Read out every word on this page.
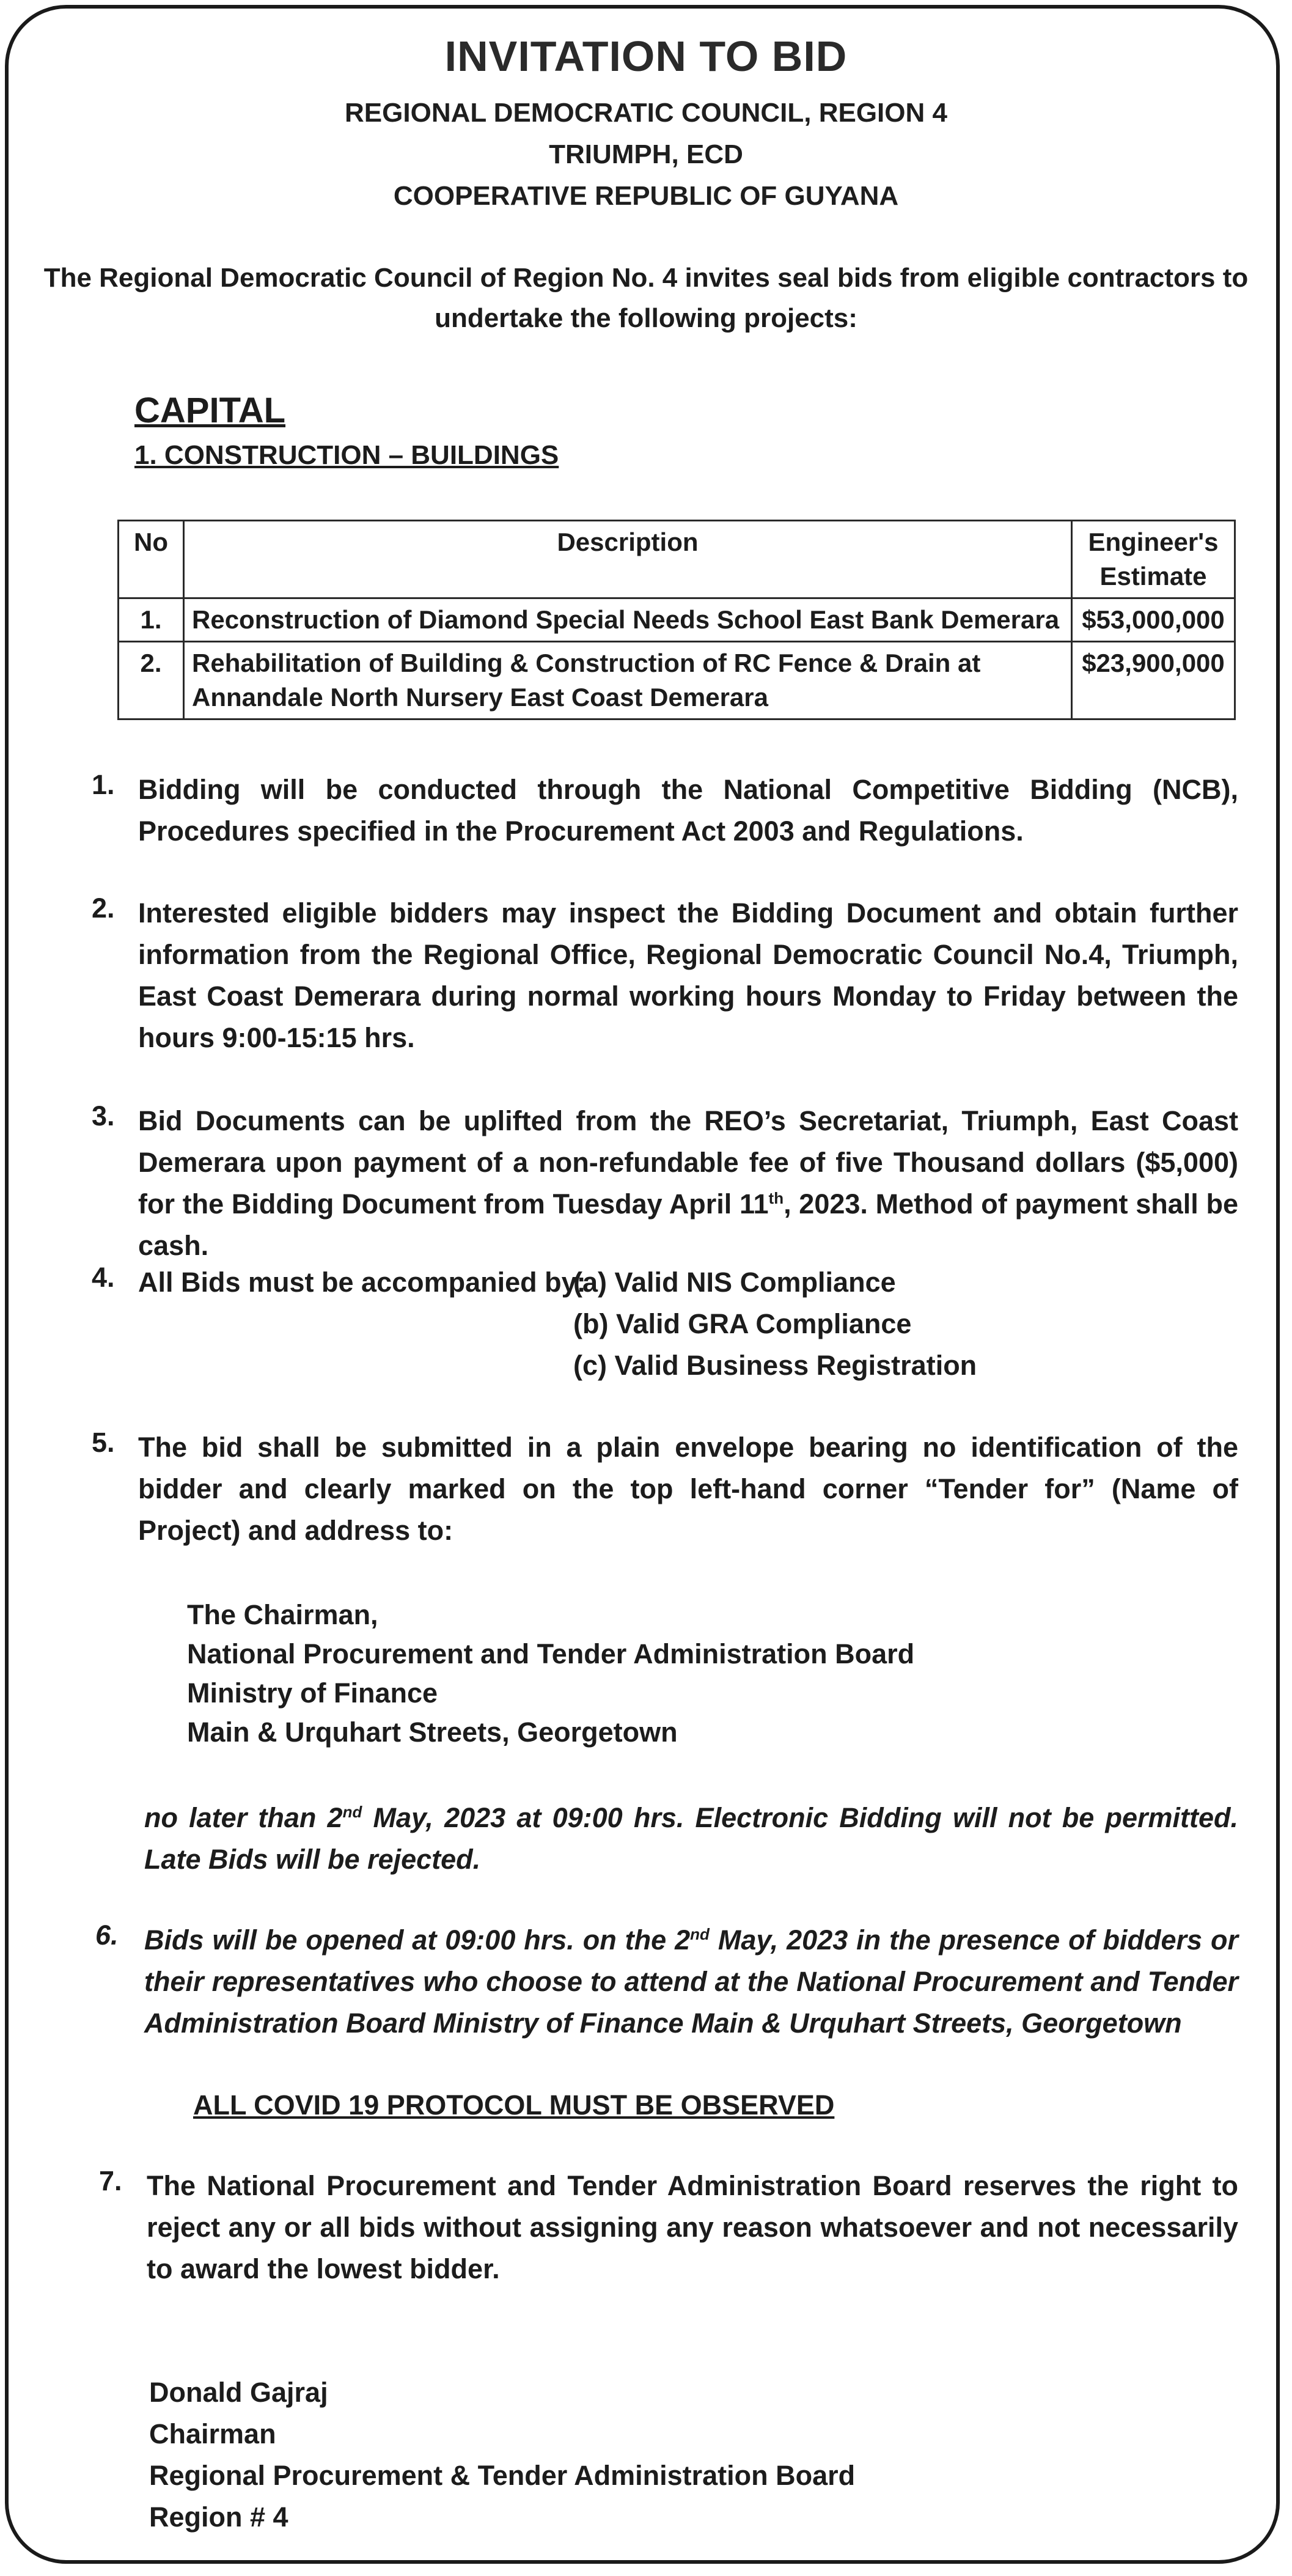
INVITATION TO BID
REGIONAL DEMOCRATIC COUNCIL, REGION 4
TRIUMPH, ECD
COOPERATIVE REPUBLIC OF GUYANA
The Regional Democratic Council of Region No. 4 invites seal bids from eligible contractors to undertake the following projects:
CAPITAL
1. CONSTRUCTION – BUILDINGS
No	Description	Engineer's Estimate
1.	Reconstruction of Diamond Special Needs School East Bank Demerara	$53,000,000
2.	Rehabilitation of Building & Construction of RC Fence & Drain at Annandale North Nursery East Coast Demerara	$23,900,000
1. Bidding will be conducted through the National Competitive Bidding (NCB), Procedures specified in the Procurement Act 2003 and Regulations.
2. Interested eligible bidders may inspect the Bidding Document and obtain further information from the Regional Office, Regional Democratic Council No.4, Triumph, East Coast Demerara during normal working hours Monday to Friday between the hours 9:00-15:15 hrs.
3. Bid Documents can be uplifted from the REO’s Secretariat, Triumph, East Coast Demerara upon payment of a non-refundable fee of five Thousand dollars ($5,000) for the Bidding Document from Tuesday April 11th, 2023. Method of payment shall be cash.
4. All Bids must be accompanied by:
(a) Valid NIS Compliance
(b) Valid GRA Compliance
(c) Valid Business Registration
5. The bid shall be submitted in a plain envelope bearing no identification of the bidder and clearly marked on the top left-hand corner “Tender for” (Name of Project) and address to:
The Chairman,
National Procurement and Tender Administration Board
Ministry of Finance
Main & Urquhart Streets, Georgetown
no later than 2nd May, 2023 at 09:00 hrs. Electronic Bidding will not be permitted. Late Bids will be rejected.
6. Bids will be opened at 09:00 hrs. on the 2nd May, 2023 in the presence of bidders or their representatives who choose to attend at the National Procurement and Tender Administration Board Ministry of Finance Main & Urquhart Streets, Georgetown
ALL COVID 19 PROTOCOL MUST BE OBSERVED
7. The National Procurement and Tender Administration Board reserves the right to reject any or all bids without assigning any reason whatsoever and not necessarily to award the lowest bidder.
Donald Gajraj
Chairman
Regional Procurement & Tender Administration Board
Region # 4
